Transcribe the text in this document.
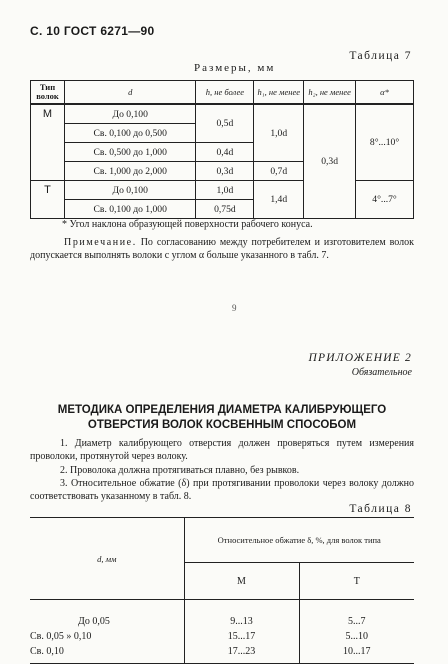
С. 10 ГОСТ 6271—90
Таблица 7
Размеры, мм
Тип волок	d	h, не более	h₁, не менее	h₂, не менее	α*
М	До 0,100	0,5d	1,0d	0,3d	8°...10°
	Св. 0,100 до 0,500				
	Св. 0,500 до 1,000	0,4d			
	Св. 1,000 до 2,000	0,3d	0,7d		
Т	До 0,100	1,0d	1,4d		4°...7°
	Св. 0,100 до 1,000	0,75d			
* Угол наклона образующей поверхности рабочего конуса.
Примечание. По согласованию между потребителем и изготовителем волок допускается выполнять волоки с углом α больше указанного в табл. 7.
9
ПРИЛОЖЕНИЕ 2
Обязательное
МЕТОДИКА ОПРЕДЕЛЕНИЯ ДИАМЕТРА КАЛИБРУЮЩЕГО
ОТВЕРСТИЯ ВОЛОК КОСВЕННЫМ СПОСОБОМ
1. Диаметр калибрующего отверстия должен проверяться путем измерения проволоки, протянутой через волоку.
2. Проволока должна протягиваться плавно, без рывков.
3. Относительное обжатие (δ) при протягивании проволоки через волоку должно соответствовать указанному в табл. 8.
Таблица 8
d, мм	Относительное обжатие δ, %, для волок типа	
	М	Т
До 0,05	9...13	5...7
Св. 0,05 » 0,10	15...17	5...10
Св. 0,10	17...23	10...17
